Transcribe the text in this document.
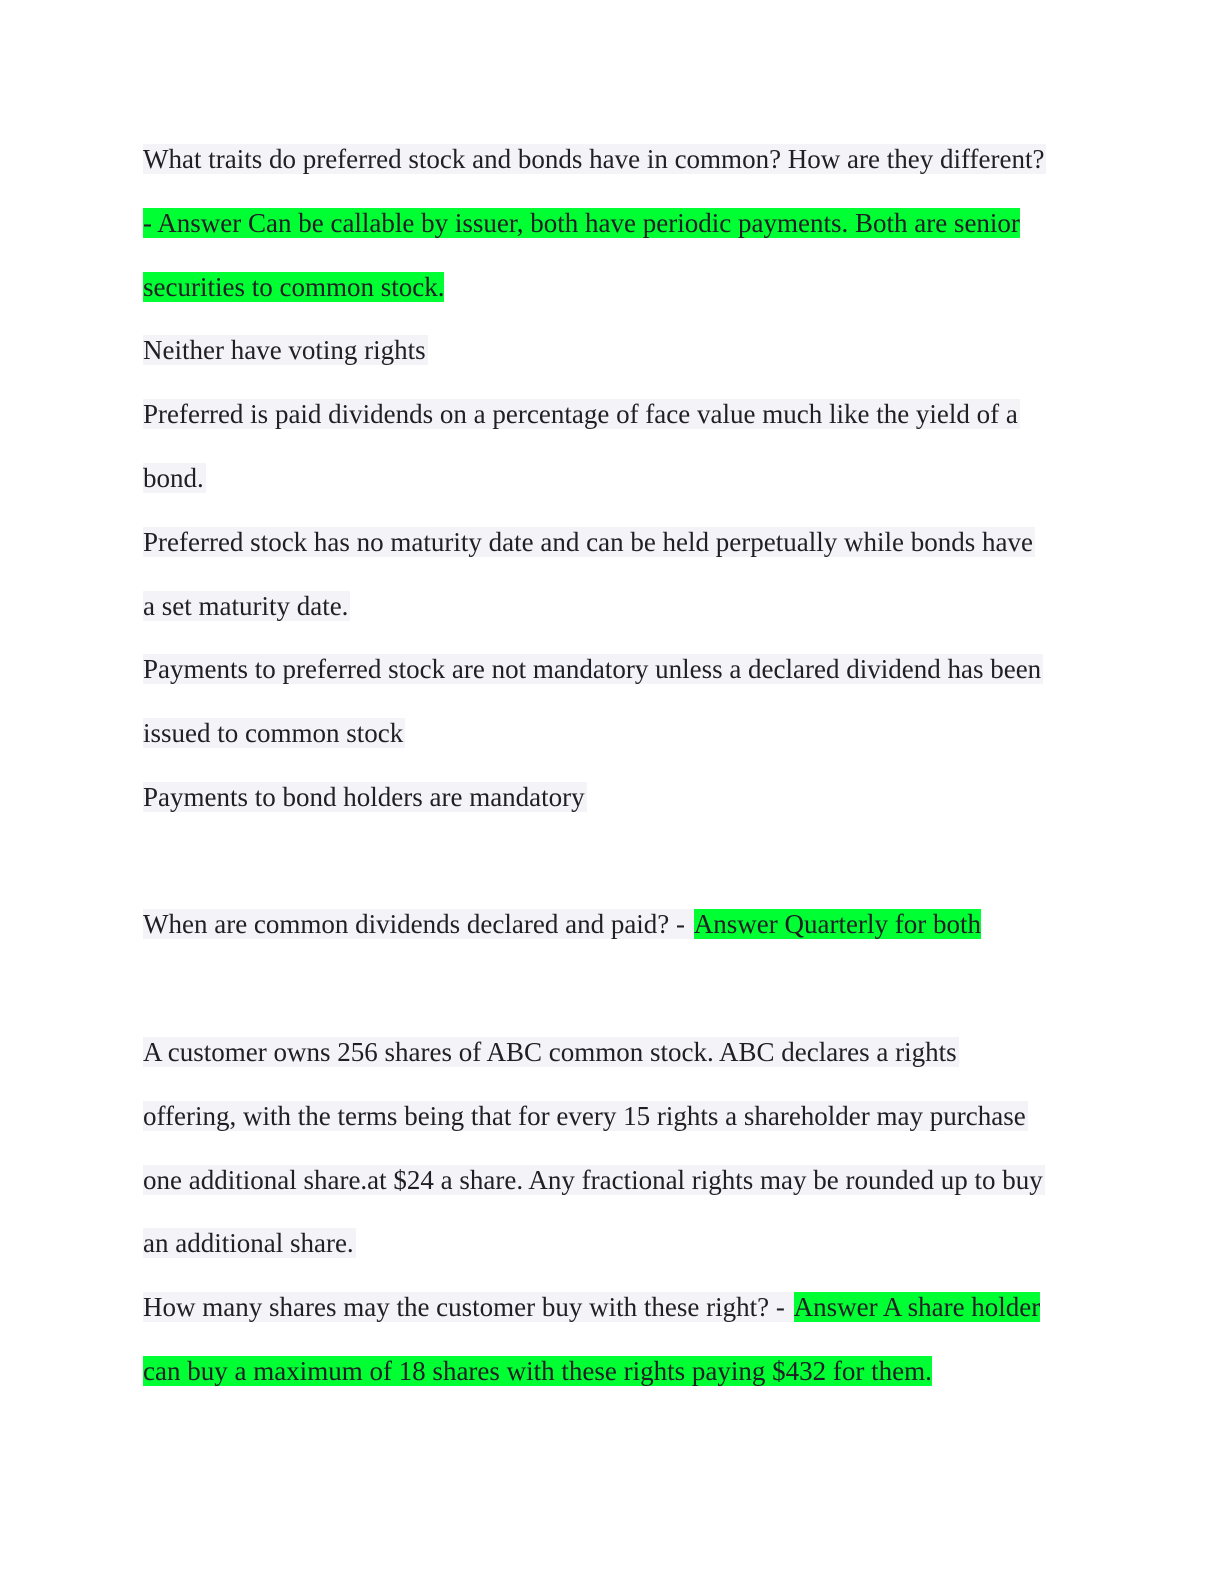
What traits do preferred stock and bonds have in common? How are they different?
- Answer Can be callable by issuer, both have periodic payments. Both are senior
securities to common stock.
Neither have voting rights
Preferred is paid dividends on a percentage of face value much like the yield of a
bond.
Preferred stock has no maturity date and can be held perpetually while bonds have
a set maturity date.
Payments to preferred stock are not mandatory unless a declared dividend has been
issued to common stock
Payments to bond holders are mandatory
When are common dividends declared and paid? - Answer Quarterly for both
A customer owns 256 shares of ABC common stock. ABC declares a rights
offering, with the terms being that for every 15 rights a shareholder may purchase
one additional share.at $24 a share. Any fractional rights may be rounded up to buy
an additional share.
How many shares may the customer buy with these right? - Answer A share holder
can buy a maximum of 18 shares with these rights paying $432 for them.
